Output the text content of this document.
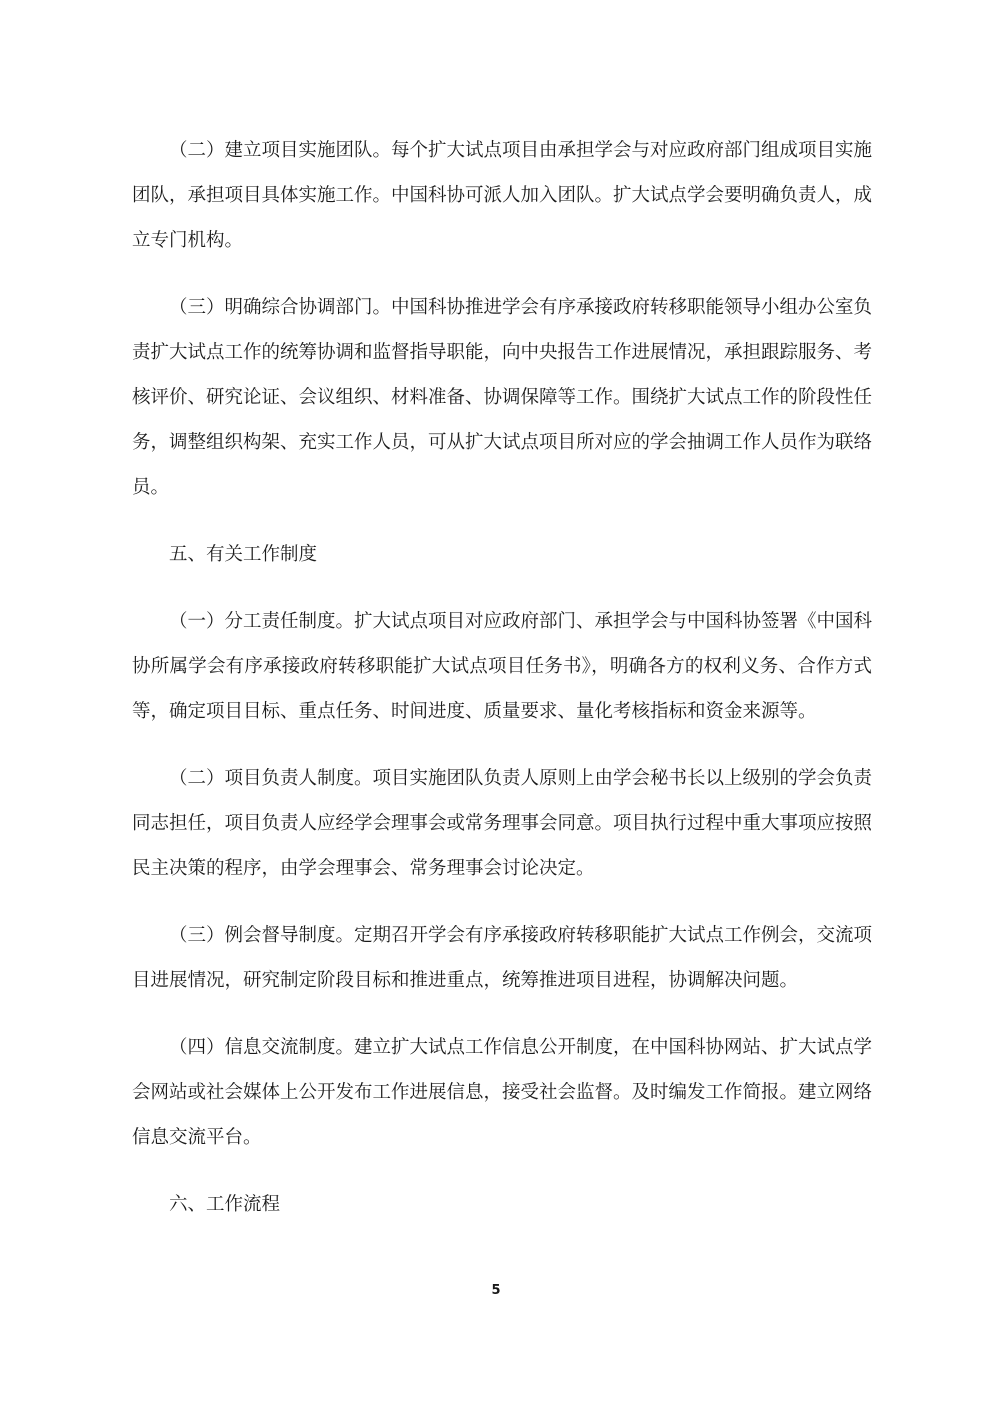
（二）建立项目实施团队。每个扩大试点项目由承担学会与对应政府部门组成项目实施团队，承担项目具体实施工作。中国科协可派人加入团队。扩大试点学会要明确负责人，成立专门机构。

（三）明确综合协调部门。中国科协推进学会有序承接政府转移职能领导小组办公室负责扩大试点工作的统筹协调和监督指导职能，向中央报告工作进展情况，承担跟踪服务、考核评价、研究论证、会议组织、材料准备、协调保障等工作。围绕扩大试点工作的阶段性任务，调整组织构架、充实工作人员，可从扩大试点项目所对应的学会抽调工作人员作为联络员。

五、有关工作制度

（一）分工责任制度。扩大试点项目对应政府部门、承担学会与中国科协签署《中国科协所属学会有序承接政府转移职能扩大试点项目任务书》，明确各方的权利义务、合作方式等，确定项目目标、重点任务、时间进度、质量要求、量化考核指标和资金来源等。

（二）项目负责人制度。项目实施团队负责人原则上由学会秘书长以上级别的学会负责同志担任，项目负责人应经学会理事会或常务理事会同意。项目执行过程中重大事项应按照民主决策的程序，由学会理事会、常务理事会讨论决定。

（三）例会督导制度。定期召开学会有序承接政府转移职能扩大试点工作例会，交流项目进展情况，研究制定阶段目标和推进重点，统筹推进项目进程，协调解决问题。

（四）信息交流制度。建立扩大试点工作信息公开制度，在中国科协网站、扩大试点学会网站或社会媒体上公开发布工作进展信息，接受社会监督。及时编发工作简报。建立网络信息交流平台。

六、工作流程

5
